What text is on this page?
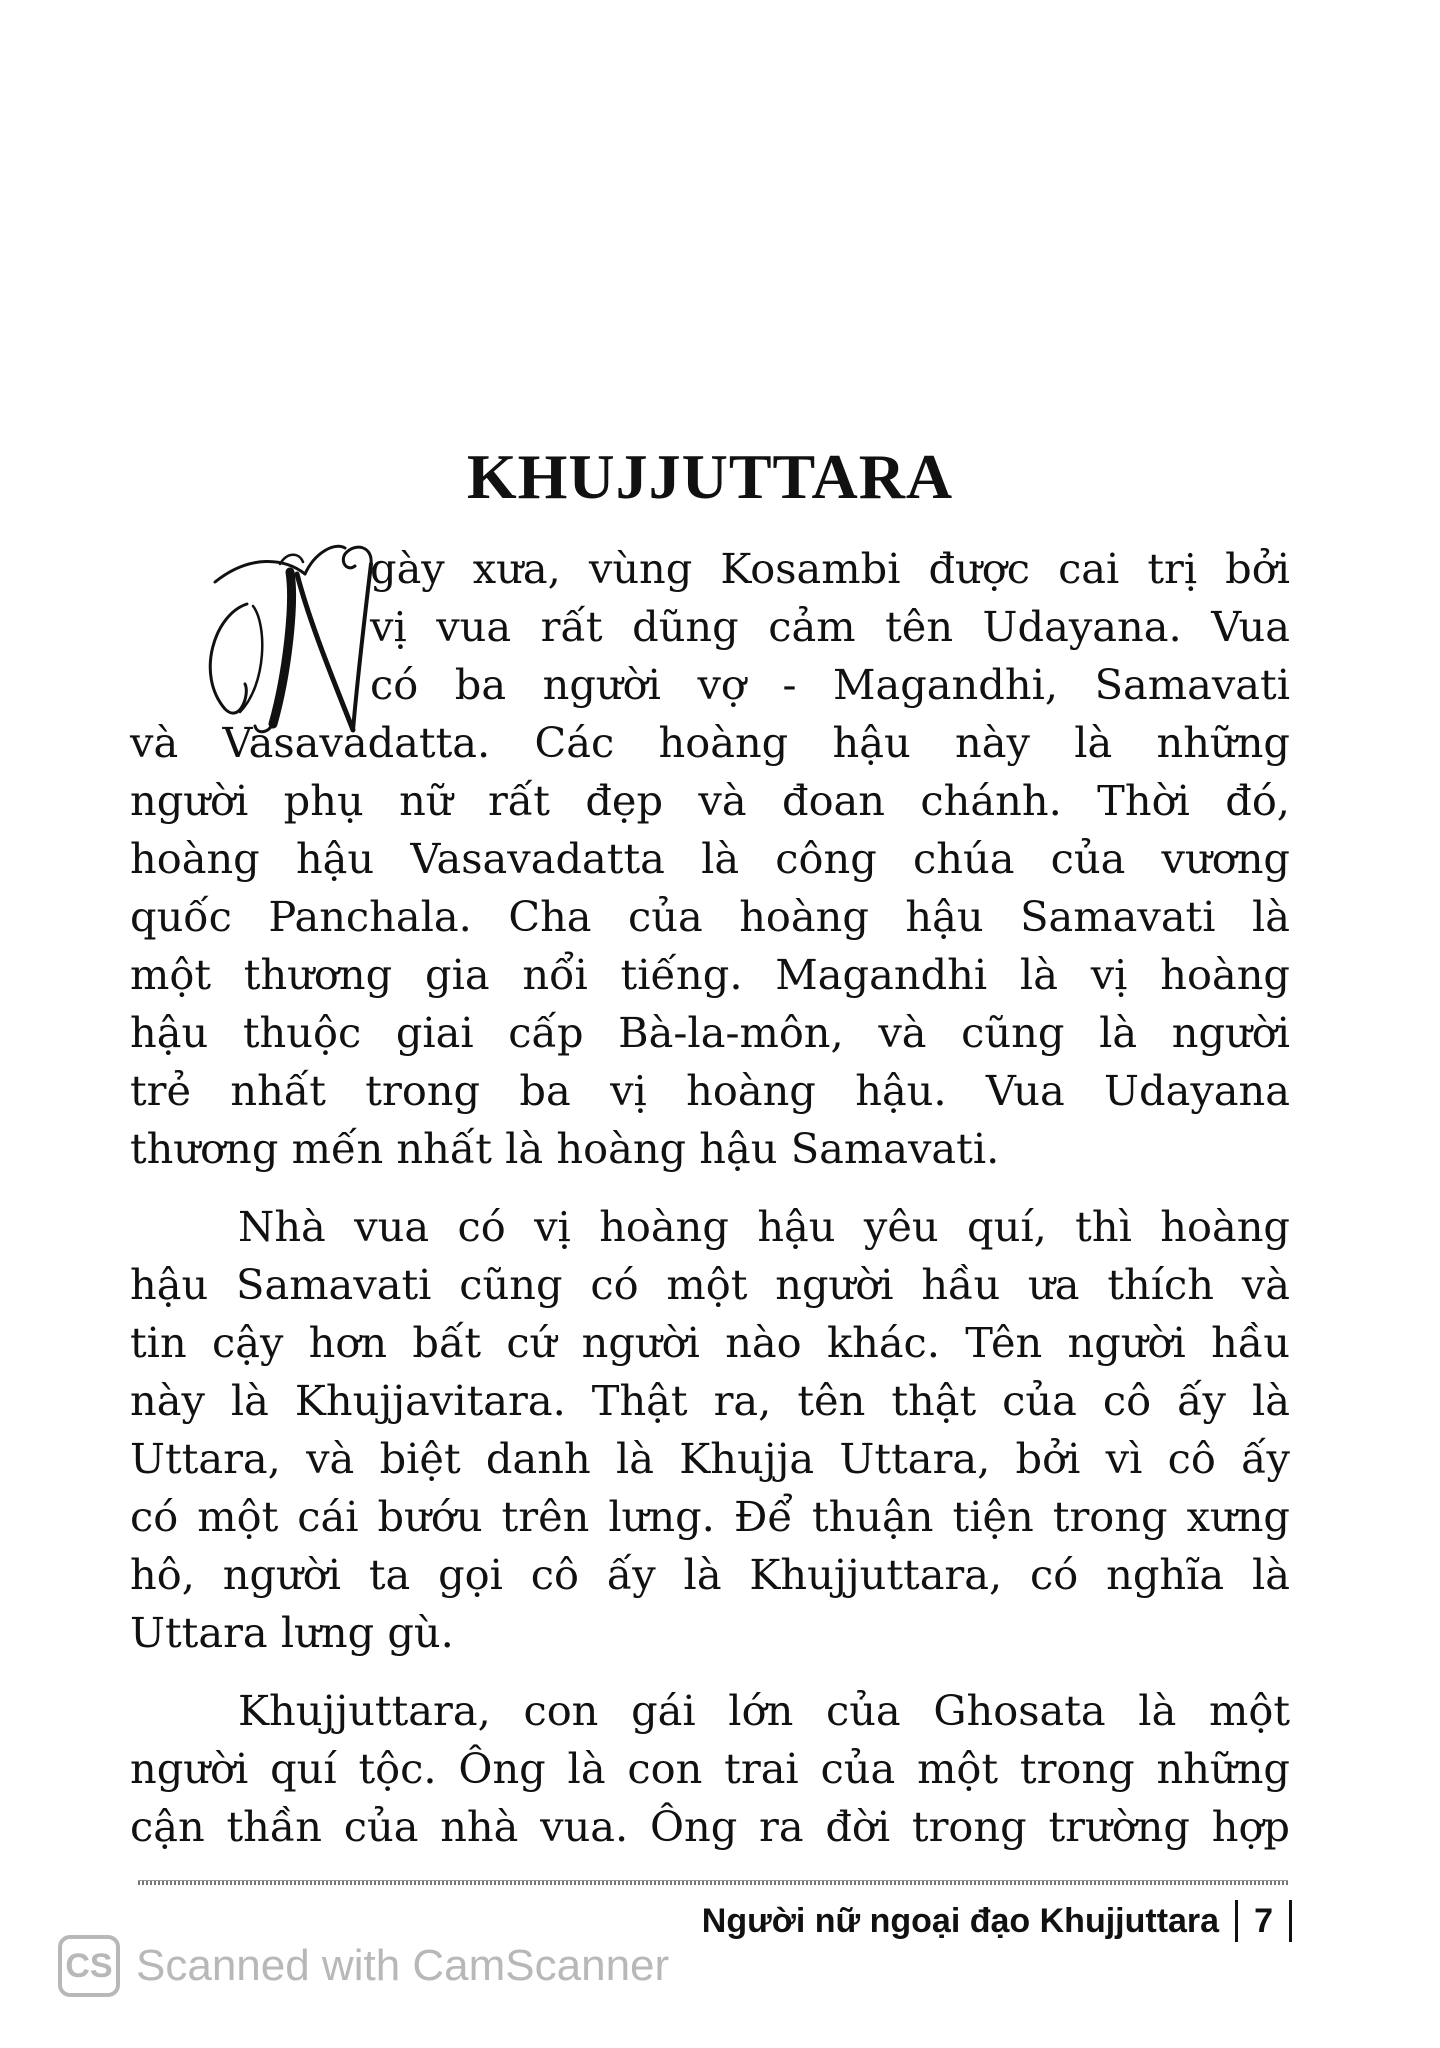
KHUJJUTTARA
gày xưa, vùng Kosambi được cai trị bởi
vị vua rất dũng cảm tên Udayana. Vua
có ba người vợ - Magandhi, Samavati
và Vasavadatta. Các hoàng hậu này là những
người phụ nữ rất đẹp và đoan chánh. Thời đó,
hoàng hậu Vasavadatta là công chúa của vương
quốc Panchala. Cha của hoàng hậu Samavati là
một thương gia nổi tiếng. Magandhi là vị hoàng
hậu thuộc giai cấp Bà-la-môn, và cũng là người
trẻ nhất trong ba vị hoàng hậu. Vua Udayana
thương mến nhất là hoàng hậu Samavati.
Nhà vua có vị hoàng hậu yêu quí, thì hoàng
hậu Samavati cũng có một người hầu ưa thích và
tin cậy hơn bất cứ người nào khác. Tên người hầu
này là Khujjavitara. Thật ra, tên thật của cô ấy là
Uttara, và biệt danh là Khujja Uttara, bởi vì cô ấy
có một cái bướu trên lưng. Để thuận tiện trong xưng
hô, người ta gọi cô ấy là Khujjuttara, có nghĩa là
Uttara lưng gù.
Khujjuttara, con gái lớn của Ghosata là một
người quí tộc. Ông là con trai của một trong những
cận thần của nhà vua. Ông ra đời trong trường hợp
Người nữ ngoại đạo Khujjuttara 7
CS Scanned with CamScanner
